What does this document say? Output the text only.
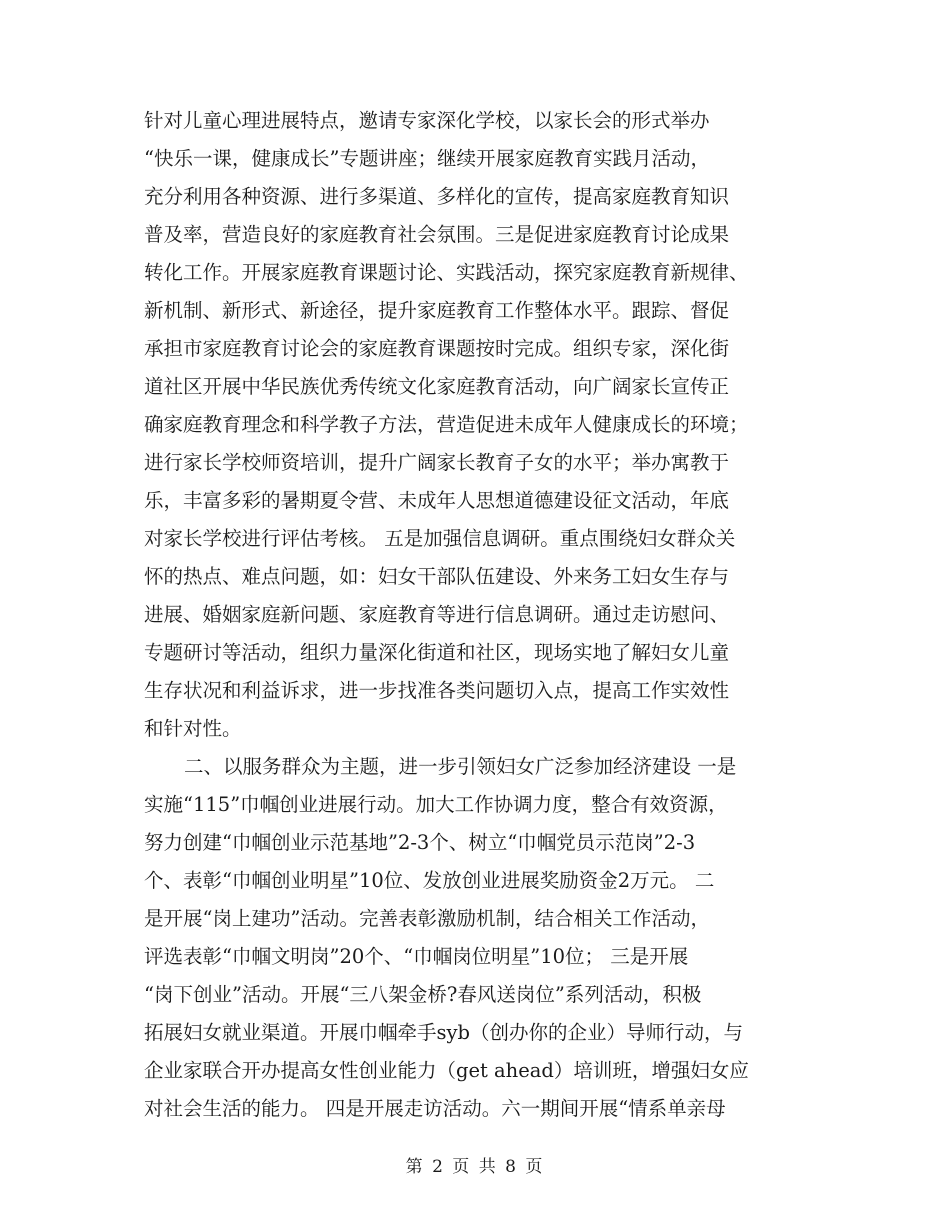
针对儿童心理进展特点，邀请专家深化学校，以家长会的形式举办
“快乐一课，健康成长”专题讲座；继续开展家庭教育实践月活动，
充分利用各种资源、进行多渠道、多样化的宣传，提高家庭教育知识
普及率，营造良好的家庭教育社会氛围。三是促进家庭教育讨论成果
转化工作。开展家庭教育课题讨论、实践活动，探究家庭教育新规律、
新机制、新形式、新途径，提升家庭教育工作整体水平。跟踪、督促
承担市家庭教育讨论会的家庭教育课题按时完成。组织专家，深化街
道社区开展中华民族优秀传统文化家庭教育活动，向广阔家长宣传正
确家庭教育理念和科学教子方法，营造促进未成年人健康成长的环境；
进行家长学校师资培训，提升广阔家长教育子女的水平；举办寓教于
乐，丰富多彩的暑期夏令营、未成年人思想道德建设征文活动，年底
对家长学校进行评估考核。 五是加强信息调研。重点围绕妇女群众关
怀的热点、难点问题，如：妇女干部队伍建设、外来务工妇女生存与
进展、婚姻家庭新问题、家庭教育等进行信息调研。通过走访慰问、
专题研讨等活动，组织力量深化街道和社区，现场实地了解妇女儿童
生存状况和利益诉求，进一步找准各类问题切入点，提高工作实效性
和针对性。
二、以服务群众为主题，进一步引领妇女广泛参加经济建设 一是
实施“115”巾帼创业进展行动。加大工作协调力度，整合有效资源，
努力创建“巾帼创业示范基地”2-3个、树立“巾帼党员示范岗”2-3
个、表彰“巾帼创业明星”10位、发放创业进展奖励资金2万元。 二
是开展“岗上建功”活动。完善表彰激励机制，结合相关工作活动，
评选表彰“巾帼文明岗”20个、“巾帼岗位明星”10位； 三是开展
“岗下创业”活动。开展“三八架金桥?春风送岗位”系列活动，积极
拓展妇女就业渠道。开展巾帼牵手syb（创办你的企业）导师行动，与
企业家联合开办提高女性创业能力（get ahead）培训班，增强妇女应
对社会生活的能力。 四是开展走访活动。六一期间开展“情系单亲母
第 2 页 共 8 页
